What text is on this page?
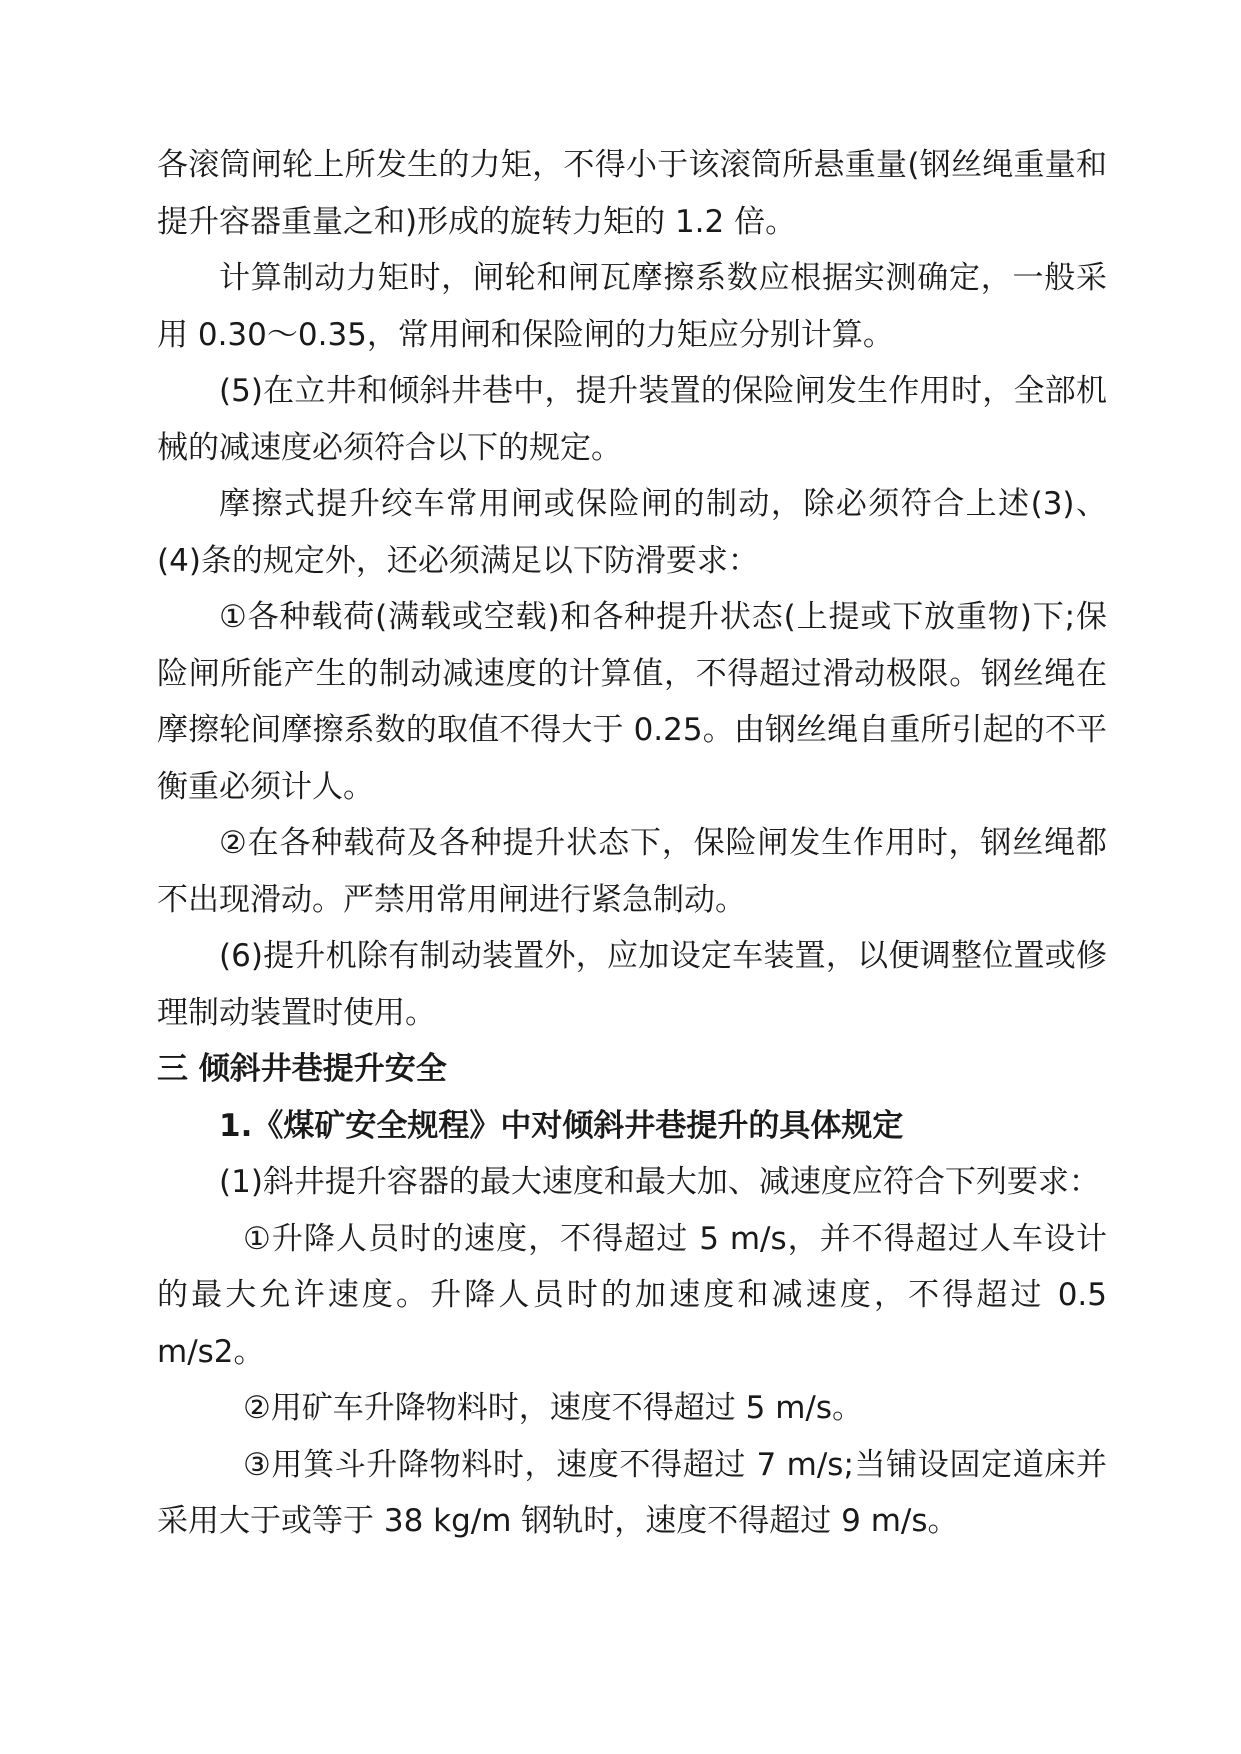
各滚筒闸轮上所发生的力矩，不得小于该滚筒所悬重量(钢丝绳重量和提升容器重量之和)形成的旋转力矩的 1.2 倍。

计算制动力矩时，闸轮和闸瓦摩擦系数应根据实测确定，一般采用 0.30～0.35，常用闸和保险闸的力矩应分别计算。

(5)在立井和倾斜井巷中，提升装置的保险闸发生作用时，全部机械的减速度必须符合以下的规定。

摩擦式提升绞车常用闸或保险闸的制动，除必须符合上述(3)、(4)条的规定外，还必须满足以下防滑要求：

①各种载荷(满载或空载)和各种提升状态(上提或下放重物)下;保险闸所能产生的制动减速度的计算值，不得超过滑动极限。钢丝绳在摩擦轮间摩擦系数的取值不得大于 0.25。由钢丝绳自重所引起的不平衡重必须计人。

②在各种载荷及各种提升状态下，保险闸发生作用时，钢丝绳都不出现滑动。严禁用常用闸进行紧急制动。

(6)提升机除有制动装置外，应加设定车装置，以便调整位置或修理制动装置时使用。

三 倾斜井巷提升安全

1.《煤矿安全规程》中对倾斜井巷提升的具体规定

(1)斜井提升容器的最大速度和最大加、减速度应符合下列要求：

①升降人员时的速度，不得超过 5 m/s，并不得超过人车设计的最大允许速度。升降人员时的加速度和减速度，不得超过 0.5 m/s2。

②用矿车升降物料时，速度不得超过 5 m/s。

③用箕斗升降物料时，速度不得超过 7 m/s;当铺设固定道床并采用大于或等于 38 kg/m 钢轨时，速度不得超过 9 m/s。
